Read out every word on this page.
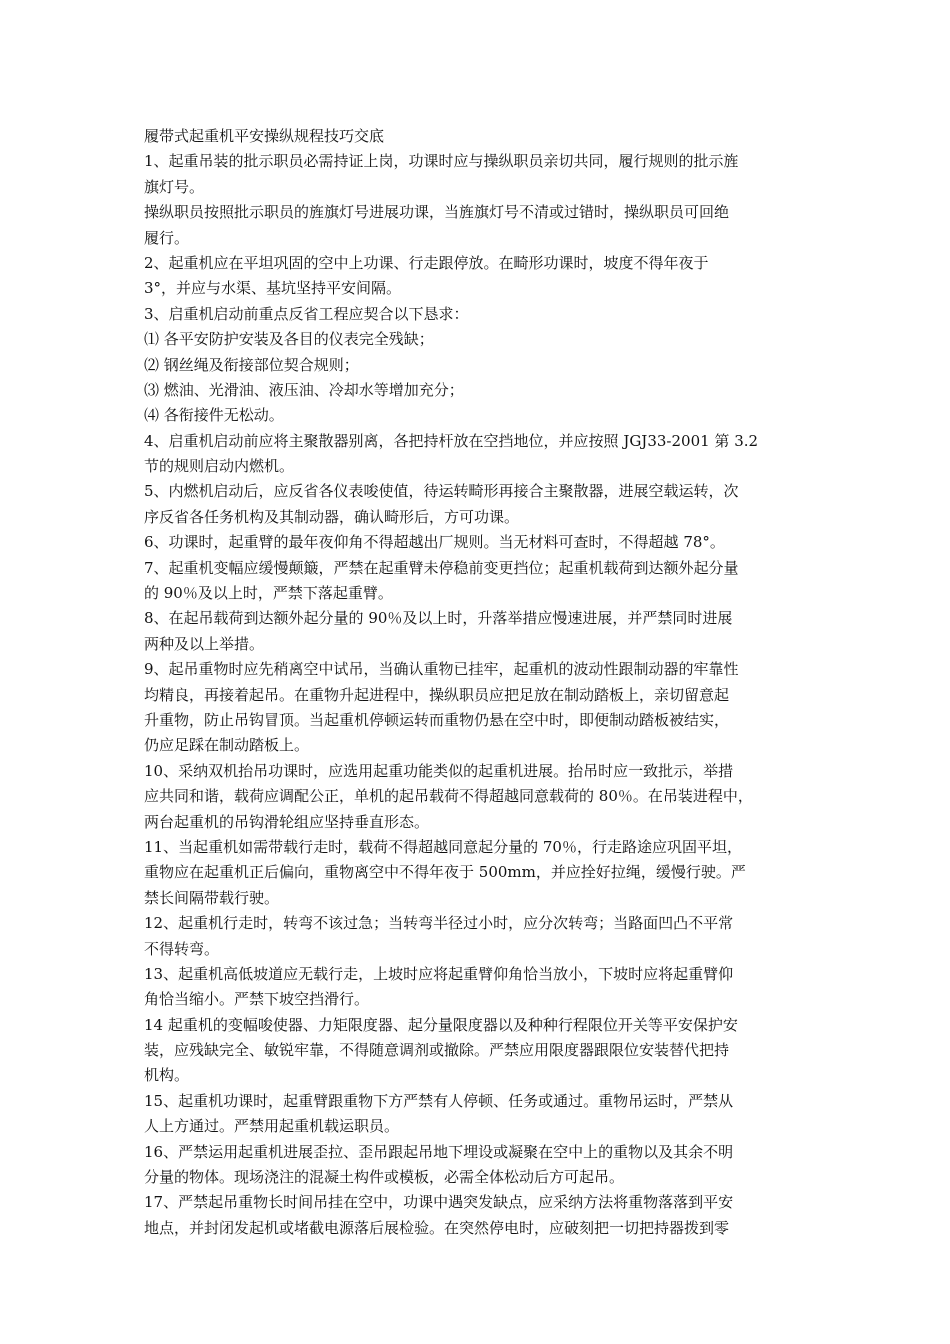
履带式起重机平安操纵规程技巧交底

1、起重吊装的批示职员必需持证上岗，功课时应与操纵职员亲切共同，履行规则的批示旌

旗灯号。

操纵职员按照批示职员的旌旗灯号进展功课，当旌旗灯号不清或过错时，操纵职员可回绝

履行。

2、起重机应在平坦巩固的空中上功课、行走跟停放。在畸形功课时，坡度不得年夜于

3°，并应与水渠、基坑坚持平安间隔。

3、启重机启动前重点反省工程应契合以下恳求：

⑴ 各平安防护安装及各目的仪表完全残缺；

⑵ 钢丝绳及衔接部位契合规则；

⑶ 燃油、光滑油、液压油、冷却水等增加充分；

⑷ 各衔接件无松动。

4、启重机启动前应将主聚散器别离，各把持杆放在空挡地位，并应按照 JGJ33-2001 第 3.2

节的规则启动内燃机。

5、内燃机启动后，应反省各仪表唆使值，待运转畸形再接合主聚散器，进展空载运转，次

序反省各任务机构及其制动器，确认畸形后，方可功课。

6、功课时，起重臂的最年夜仰角不得超越出厂规则。当无材料可查时，不得超越 78°。

7、起重机变幅应缓慢颠簸，严禁在起重臂未停稳前变更挡位；起重机载荷到达额外起分量

的 90％及以上时，严禁下落起重臂。

8、在起吊载荷到达额外起分量的 90％及以上时，升落举措应慢速进展，并严禁同时进展

两种及以上举措。

9、起吊重物时应先稍离空中试吊，当确认重物已挂牢，起重机的波动性跟制动器的牢靠性

均精良，再接着起吊。在重物升起进程中，操纵职员应把足放在制动踏板上，亲切留意起

升重物，防止吊钩冒顶。当起重机停顿运转而重物仍悬在空中时，即便制动踏板被结实，

仍应足踩在制动踏板上。

10、采纳双机抬吊功课时，应选用起重功能类似的起重机进展。抬吊时应一致批示，举措

应共同和谐，载荷应调配公正，单机的起吊载荷不得超越同意载荷的 80％。在吊装进程中，

两台起重机的吊钩滑轮组应坚持垂直形态。

11、当起重机如需带载行走时，载荷不得超越同意起分量的 70％，行走路途应巩固平坦，

重物应在起重机正后偏向，重物离空中不得年夜于 500mm，并应拴好拉绳，缓慢行驶。严

禁长间隔带载行驶。

12、起重机行走时，转弯不该过急；当转弯半径过小时，应分次转弯；当路面凹凸不平常

不得转弯。

13、起重机高低坡道应无载行走，上坡时应将起重臂仰角恰当放小，下坡时应将起重臂仰

角恰当缩小。严禁下坡空挡滑行。

14 起重机的变幅唆使器、力矩限度器、起分量限度器以及种种行程限位开关等平安保护安

装，应残缺完全、敏锐牢靠，不得随意调剂或撤除。严禁应用限度器跟限位安装替代把持

机构。

15、起重机功课时，起重臂跟重物下方严禁有人停顿、任务或通过。重物吊运时，严禁从

人上方通过。严禁用起重机载运职员。

16、严禁运用起重机进展歪拉、歪吊跟起吊地下埋设或凝聚在空中上的重物以及其余不明

分量的物体。现场浇注的混凝土构件或模板，必需全体松动后方可起吊。

17、严禁起吊重物长时间吊挂在空中，功课中遇突发缺点，应采纳方法将重物落落到平安

地点，并封闭发起机或堵截电源落后展检验。在突然停电时，应破刻把一切把持器拨到零
